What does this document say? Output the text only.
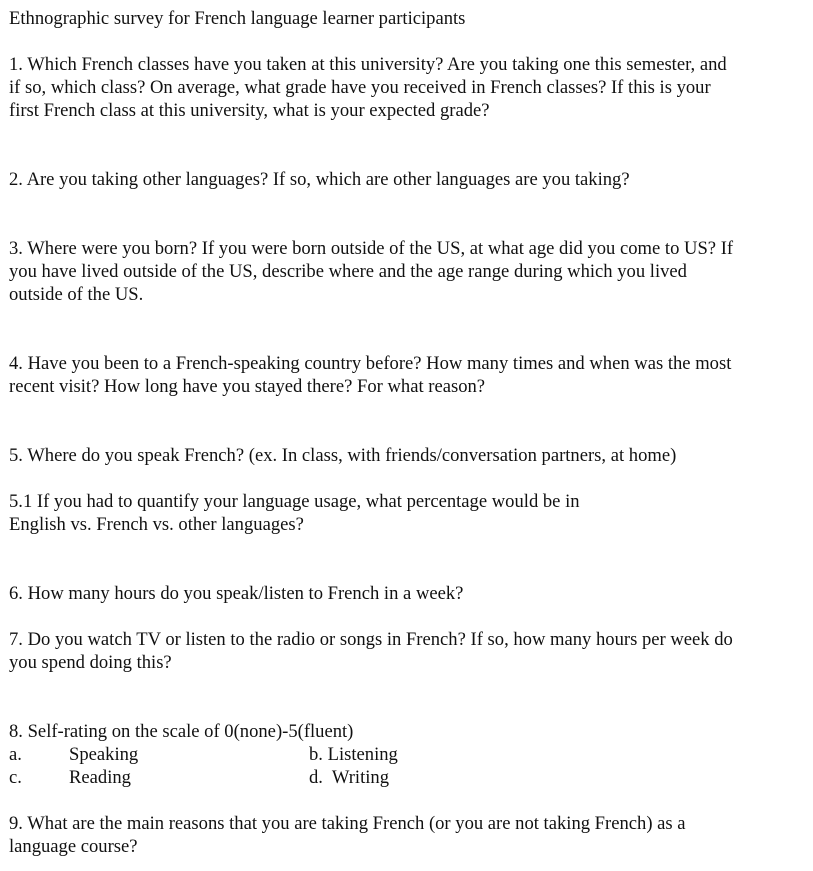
Ethnographic survey for French language learner participants
1. Which French classes have you taken at this university? Are you taking one this semester, and
if so, which class? On average, what grade have you received in French classes? If this is your
first French class at this university, what is your expected grade?
2. Are you taking other languages? If so, which are other languages are you taking?
3. Where were you born? If you were born outside of the US, at what age did you come to US? If
you have lived outside of the US, describe where and the age range during which you lived
outside of the US.
4. Have you been to a French-speaking country before? How many times and when was the most
recent visit? How long have you stayed there? For what reason?
5. Where do you speak French? (ex. In class, with friends/conversation partners, at home)
5.1 If you had to quantify your language usage, what percentage would be in
English vs. French vs. other languages?
6. How many hours do you speak/listen to French in a week?
7. Do you watch TV or listen to the radio or songs in French? If so, how many hours per week do
you spend doing this?
8. Self-rating on the scale of 0(none)-5(fluent)
a.	Speaking	b. Listening
c.	Reading	d.  Writing
9. What are the main reasons that you are taking French (or you are not taking French) as a
language course?
